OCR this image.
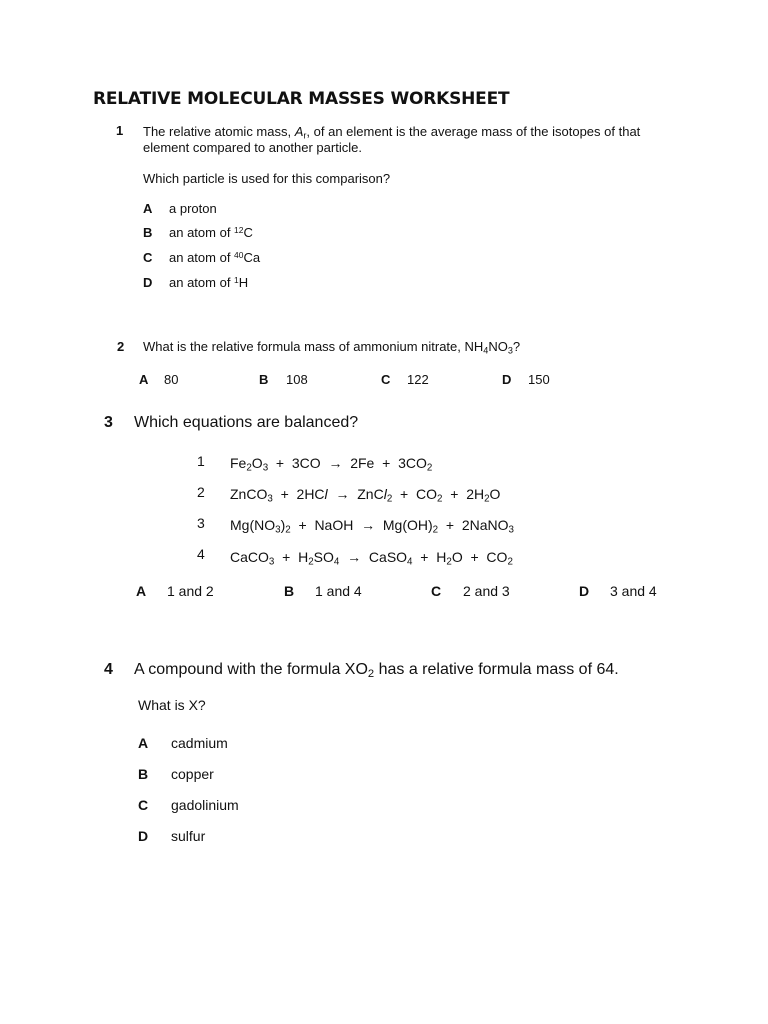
RELATIVE MOLECULAR MASSES WORKSHEET
1 The relative atomic mass, $A_r$, of an element is the average mass of the isotopes of that
element compared to another particle.
Which particle is used for this comparison?
A a proton
B an atom of $^{12}$C
C an atom of $^{40}$Ca
D an atom of $^1$H
2 What is the relative formula mass of ammonium nitrate, $NH_4NO_3$?
A 80	B 108	C 122	D 150
3 Which equations are balanced?
1 $Fe_2O_3 + 3CO \to 2Fe + 3CO_2$
2 ZnCO$_3$  +  2HCl  →  ZnCl$_2$  +  $CO_2 + 2H_2O$
3 $Mg(NO_3)_2$  +  NaOH  →  $Mg(OH)_2$  +  2NaNO$_3$
4 CaCO$_3$  +  $H_2SO_4$  →  CaSO$_4$  +  $H_2O + CO_2$
A 1 and 2	B 1 and 4	C 2 and 3	D 3 and 4
4 A compound with the formula $XO_2$ has a relative formula mass of 64.
What is X?
A cadmium
B copper
C gadolinium
D sulfur
